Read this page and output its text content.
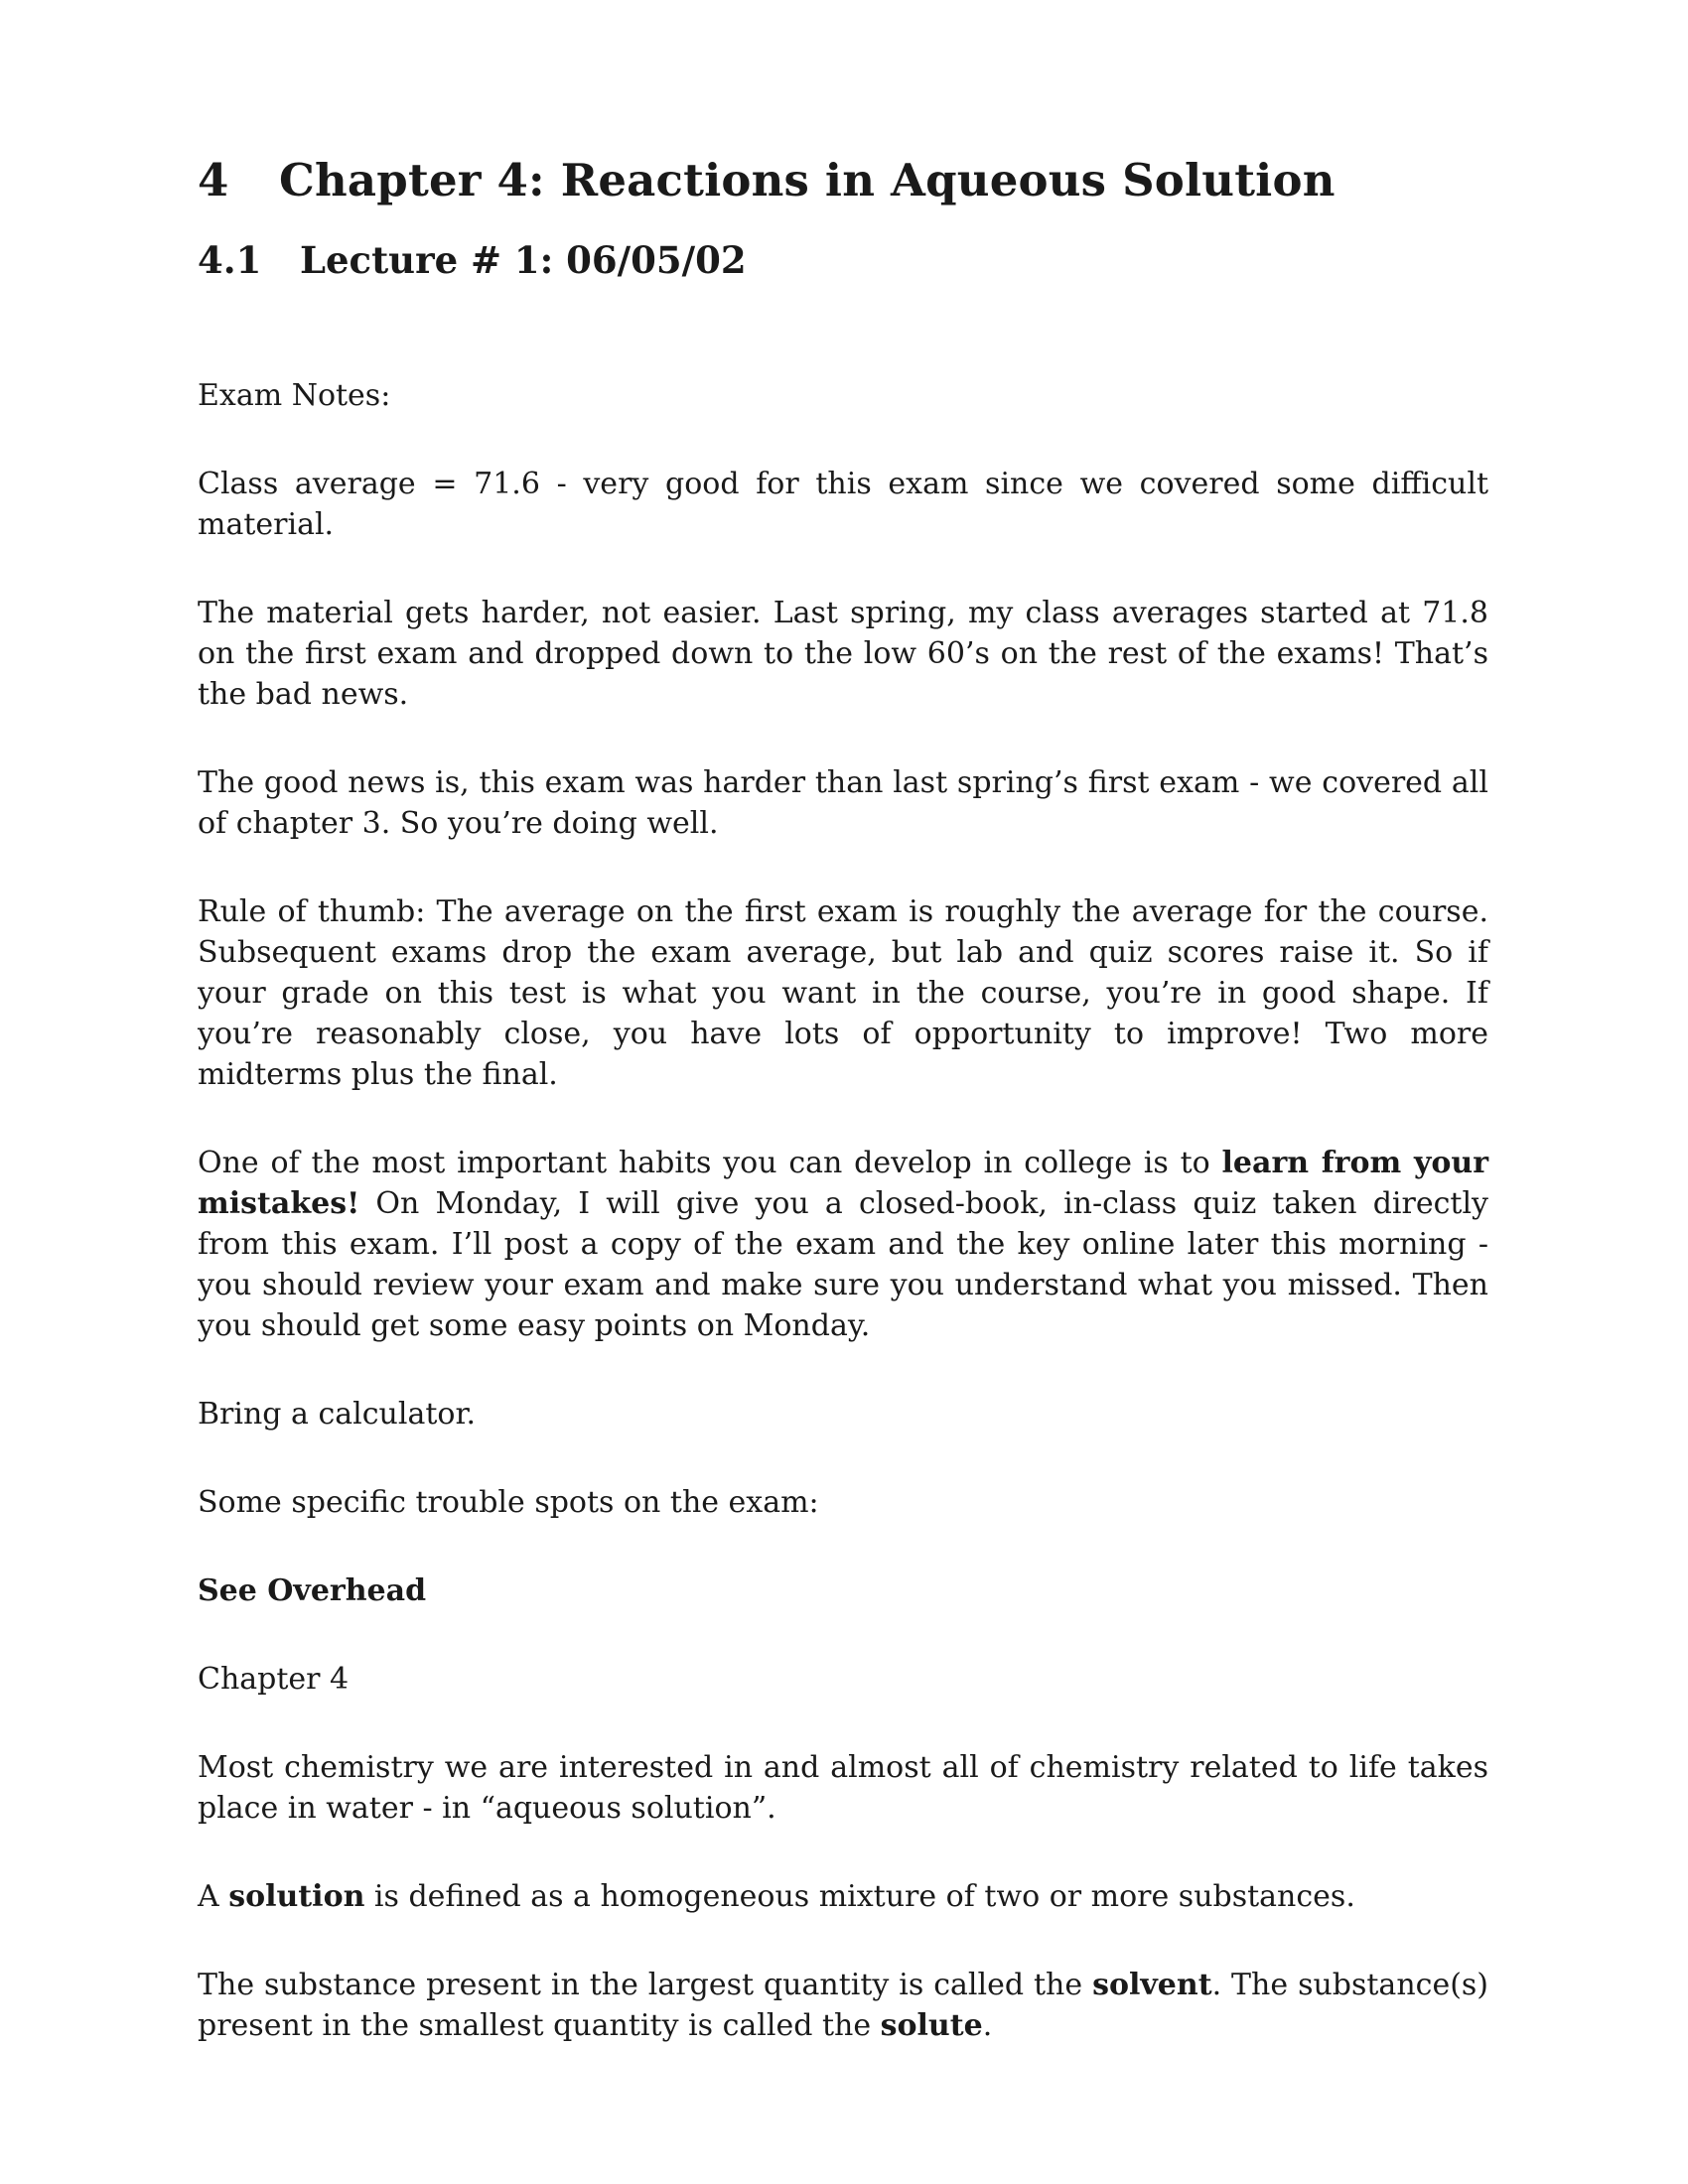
4	Chapter 4: Reactions in Aqueous Solution
4.1	Lecture # 1: 06/05/02

Exam Notes:

Class average = 71.6 - very good for this exam since we covered some difficult material.

The material gets harder, not easier. Last spring, my class averages started at 71.8 on the first exam and dropped down to the low 60’s on the rest of the exams! That’s the bad news.

The good news is, this exam was harder than last spring’s first exam - we covered all of chapter 3. So you’re doing well.

Rule of thumb: The average on the first exam is roughly the average for the course. Subsequent exams drop the exam average, but lab and quiz scores raise it. So if your grade on this test is what you want in the course, you’re in good shape. If you’re reasonably close, you have lots of opportunity to improve! Two more midterms plus the final.

One of the most important habits you can develop in college is to learn from your mistakes! On Monday, I will give you a closed-book, in-class quiz taken directly from this exam. I’ll post a copy of the exam and the key online later this morning - you should review your exam and make sure you understand what you missed. Then you should get some easy points on Monday.

Bring a calculator.

Some specific trouble spots on the exam:

See Overhead

Chapter 4

Most chemistry we are interested in and almost all of chemistry related to life takes place in water - in “aqueous solution”.

A solution is defined as a homogeneous mixture of two or more substances.

The substance present in the largest quantity is called the solvent. The substance(s) present in the smallest quantity is called the solute.
